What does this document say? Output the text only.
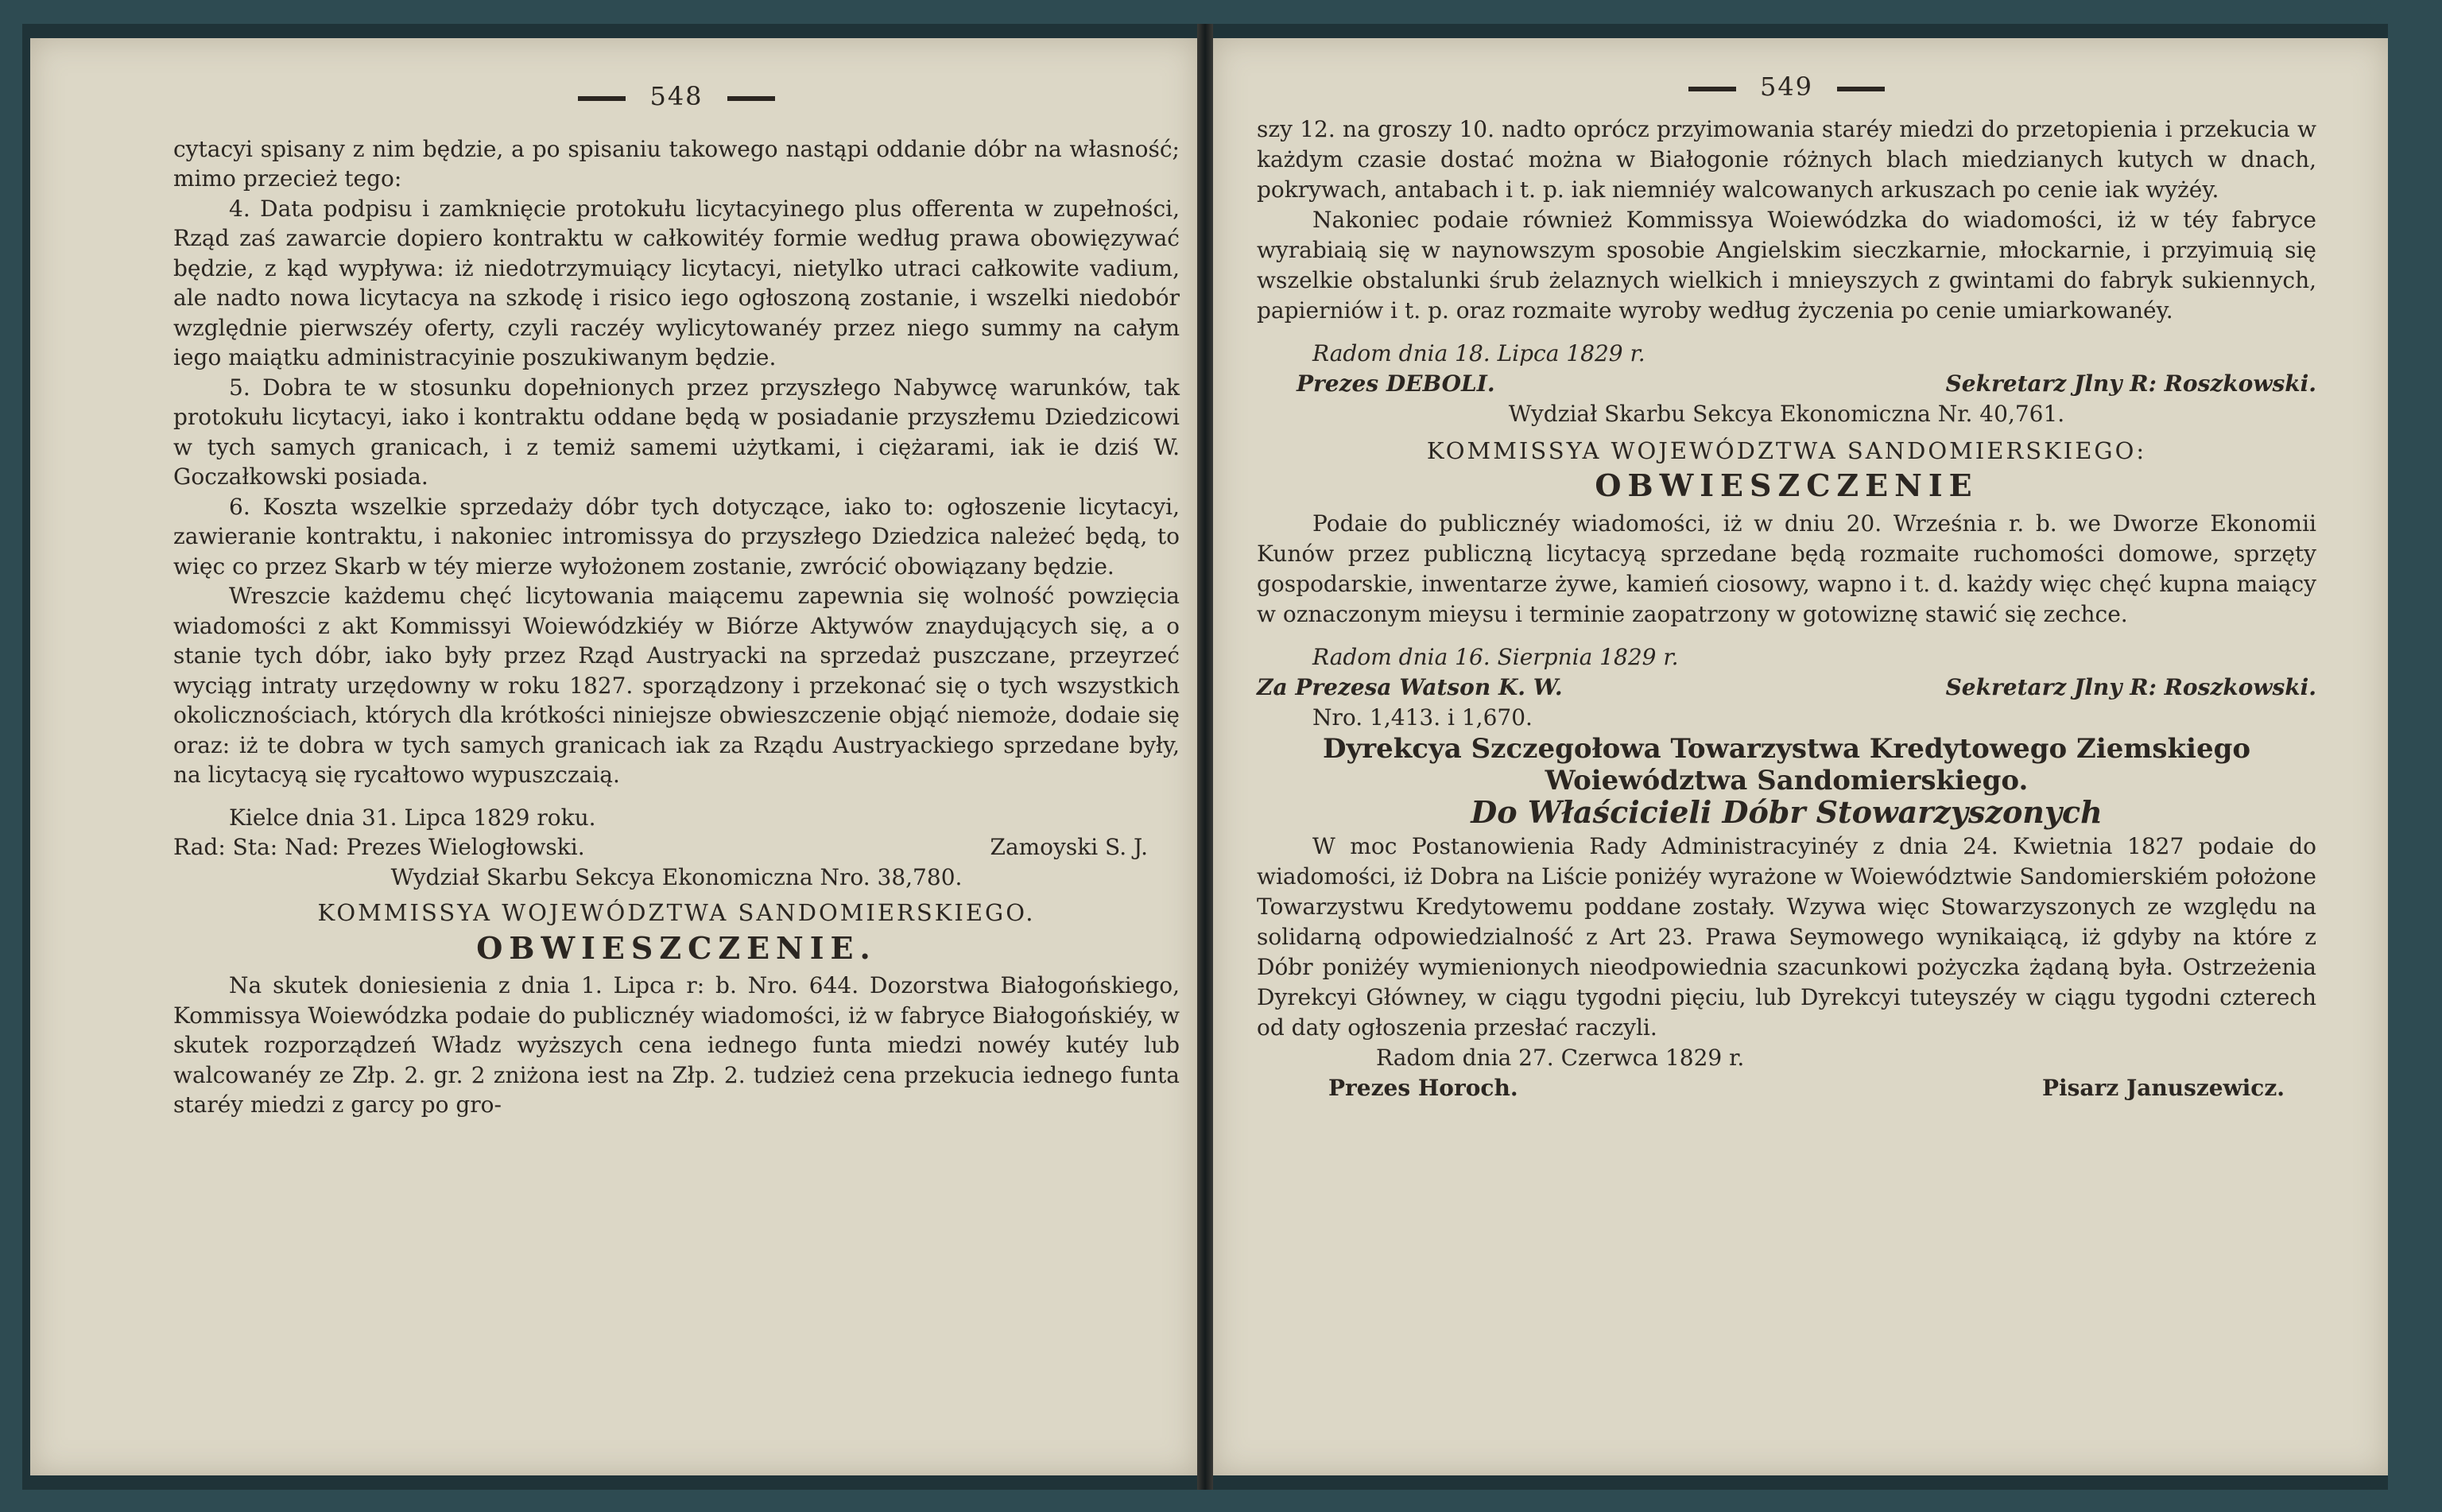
548

cytacyi spisany z nim będzie, a po spisaniu takowego nastąpi oddanie dóbr na własność; mimo przecież tego:

4. Data podpisu i zamknięcie protokułu licytacyinego plus offerenta w zupełności, Rząd zaś zawarcie dopiero kontraktu w całkowitéy formie według prawa obowięzywać będzie, z kąd wypływa: iż niedotrzymuiący licytacyi, nietylko utraci całkowite vadium, ale nadto nowa licytacya na szkodę i risico iego ogłoszoną zostanie, i wszelki niedobór względnie pierwszéy oferty, czyli raczéy wylicytowanéy przez niego summy na całym iego maiątku administracyinie poszukiwanym będzie.

5. Dobra te w stosunku dopełnionych przez przyszłego Nabywcę warunków, tak protokułu licytacyi, iako i kontraktu oddane będą w posiadanie przyszłemu Dziedzicowi w tych samych granicach, i z temiż samemi użytkami, i ciężarami, iak ie dziś W. Goczałkowski posiada.

6. Koszta wszelkie sprzedaży dóbr tych dotyczące, iako to: ogłoszenie licytacyi, zawieranie kontraktu, i nakoniec intromissya do przyszłego Dziedzica należeć będą, to więc co przez Skarb w téy mierze wyłożonem zostanie, zwrócić obowiązany będzie.

Wreszcie każdemu chęć licytowania maiącemu zapewnia się wolność powzięcia wiadomości z akt Kommissyi Woiewódzkiéy w Biórze Aktywów znaydujących się, a o stanie tych dóbr, iako były przez Rząd Austryacki na sprzedaż puszczane, przeyrzeć wyciąg intraty urzędowny w roku 1827. sporządzony i przekonać się o tych wszystkich okolicznościach, których dla krótkości niniejsze obwieszczenie objąć niemoże, dodaie się oraz: iż te dobra w tych samych granicach iak za Rządu Austryackiego sprzedane były, na licytacyą się rycałtowo wypuszczaią.

Kielce dnia 31. Lipca 1829 roku.

Rad: Sta: Nad: Prezes Wielogłowski.	Zamoyski S. J.

Wydział Skarbu Sekcya Ekonomiczna Nro. 38,780.

KOMMISSYA WOJEWÓDZTWA SANDOMIERSKIEGO.
OBWIESZCZENIE.

Na skutek doniesienia z dnia 1. Lipca r: b. Nro. 644. Dozorstwa Białogońskiego, Kommissya Woiewódzka podaie do publicznéy wiadomości, iż w fabryce Białogońskiéy, w skutek rozporządzeń Władz wyższych cena iednego funta miedzi nowéy kutéy lub walcowanéy ze Złp. 2. gr. 2 zniżona iest na Złp. 2. tudzież cena przekucia iednego funta staréy miedzi z garcy po gro-

549

szy 12. na groszy 10. nadto oprócz przyimowania staréy miedzi do przetopienia i przekucia w każdym czasie dostać można w Białogonie różnych blach miedzianych kutych w dnach, pokrywach, antabach i t. p. iak niemniéy walcowanych arkuszach po cenie iak wyżéy.

Nakoniec podaie również Kommissya Woiewódzka do wiadomości, iż w téy fabryce wyrabiaią się w naynowszym sposobie Angielskim sieczkarnie, młockarnie, i przyimuią się wszelkie obstalunki śrub żelaznych wielkich i mnieyszych z gwintami do fabryk sukiennych, papierniów i t. p. oraz rozmaite wyroby według życzenia po cenie umiarkowanéy.

Radom dnia 18. Lipca 1829 r.

Prezes DEBOLI.	Sekretarz Jlny R: Roszkowski.

Wydział Skarbu Sekcya Ekonomiczna Nr. 40,761.

KOMMISSYA WOJEWÓDZTWA SANDOMIERSKIEGO:
OBWIESZCZENIE

Podaie do publicznéy wiadomości, iż w dniu 20. Września r. b. we Dworze Ekonomii Kunów przez publiczną licytacyą sprzedane będą rozmaite ruchomości domowe, sprzęty gospodarskie, inwentarze żywe, kamień ciosowy, wapno i t. d. każdy więc chęć kupna maiący w oznaczonym mieysu i terminie zaopatrzony w gotowiznę stawić się zechce.

Radom dnia 16. Sierpnia 1829 r.

Za Prezesa Watson K. W.	Sekretarz Jlny R: Roszkowski.

Nro. 1,413. i 1,670.

Dyrekcya Szczegołowa Towarzystwa Kredytowego Ziemskiego
Woiewództwa Sandomierskiego.
Do Właścicieli Dóbr Stowarzyszonych

W moc Postanowienia Rady Administracyinéy z dnia 24. Kwietnia 1827 podaie do wiadomości, iż Dobra na Liście poniżéy wyrażone w Woiewództwie Sandomierskiém położone Towarzystwu Kredytowemu poddane zostały. Wzywa więc Stowarzyszonych ze względu na solidarną odpowiedzialność z Art 23. Prawa Seymowego wynikaiącą, iż gdyby na które z Dóbr poniżéy wymienionych nieodpowiednia szacunkowi pożyczka żądaną była. Ostrzeżenia Dyrekcyi Główney, w ciągu tygodni pięciu, lub Dyrekcyi tuteyszéy w ciągu tygodni czterech od daty ogłoszenia przesłać raczyli.

Radom dnia 27. Czerwca 1829 r.

Prezes Horoch.	Pisarz Januszewicz.
